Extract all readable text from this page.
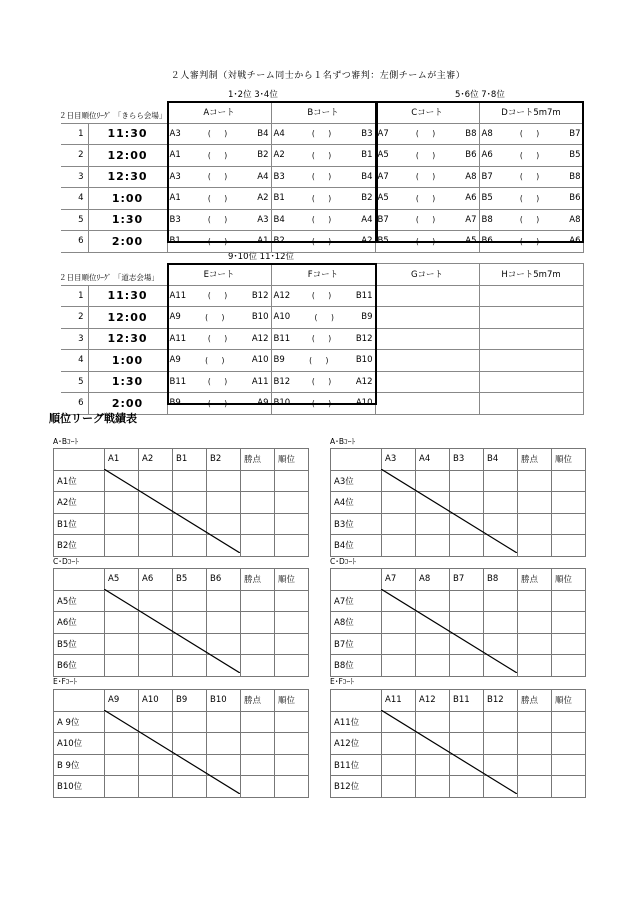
２人審判制（対戦チーム同士から１名ずつ審判：左側チームが主審）
1･2位 3･4位	5･6位 7･8位
9･10位 11･12位
２日目順位ﾘｰｸﾞ 「きらら会場」
		Aコート	Bコート	Cコート	Dコート5m7m
1	11:30	A3 (　) B4	A4 (　) B3	A7 (　) B8	A8 (　) B7

2	12:00	A1 (　) B2	A2 (　) B1	A5 (　) B6	A6 (　) B5

3	12:30	A3 (　) A4	B3 (　) B4	A7 (　) A8	B7 (　) B8

4	1:00	A1 (　) A2	B1 (　) B2	A5 (　) A6	B5 (　) B6

5	1:30	B3 (　) A3	B4 (　) A4	B7 (　) A7	B8 (　) A8

6	2:00	B1 (　) A1	B2 (　) A2	B5 (　) A5	B6 (　) A6
２日目順位ﾘｰｸﾞ 「道志会場」
		Eコート	Fコート	Gコート	Hコート5m7m
1	11:30	A11 (　) B12	A12 (　) B11		

2	12:00	A9 (　) B10	A10 (　) B9		

3	12:30	A11 (　) A12	B11 (　) B12		

4	1:00	A9 (　) A10	B9 (　) B10		

5	1:30	B11 (　) A11	B12 (　) A12		

6	2:00	B9 (　) A9	B10 (　) A10		

順位リーグ戦績表
A･Bｺｰﾄ
	A1	A2	B1	B2	勝点	順位
A1位						
A2位						
B1位						
B2位						
A･Bｺｰﾄ
	A3	A4	B3	B4	勝点	順位
A3位						
A4位						
B3位						
B4位						
C･Dｺｰﾄ
	A5	A6	B5	B6	勝点	順位
A5位						
A6位						
B5位						
B6位						
C･Dｺｰﾄ
	A7	A8	B7	B8	勝点	順位
A7位						
A8位						
B7位						
B8位						
E･Fｺｰﾄ
	A9	A10	B9	B10	勝点	順位
A 9位						
A10位						
B 9位						
B10位						
E･Fｺｰﾄ
	A11	A12	B11	B12	勝点	順位
A11位						
A12位						
B11位						
B12位						
